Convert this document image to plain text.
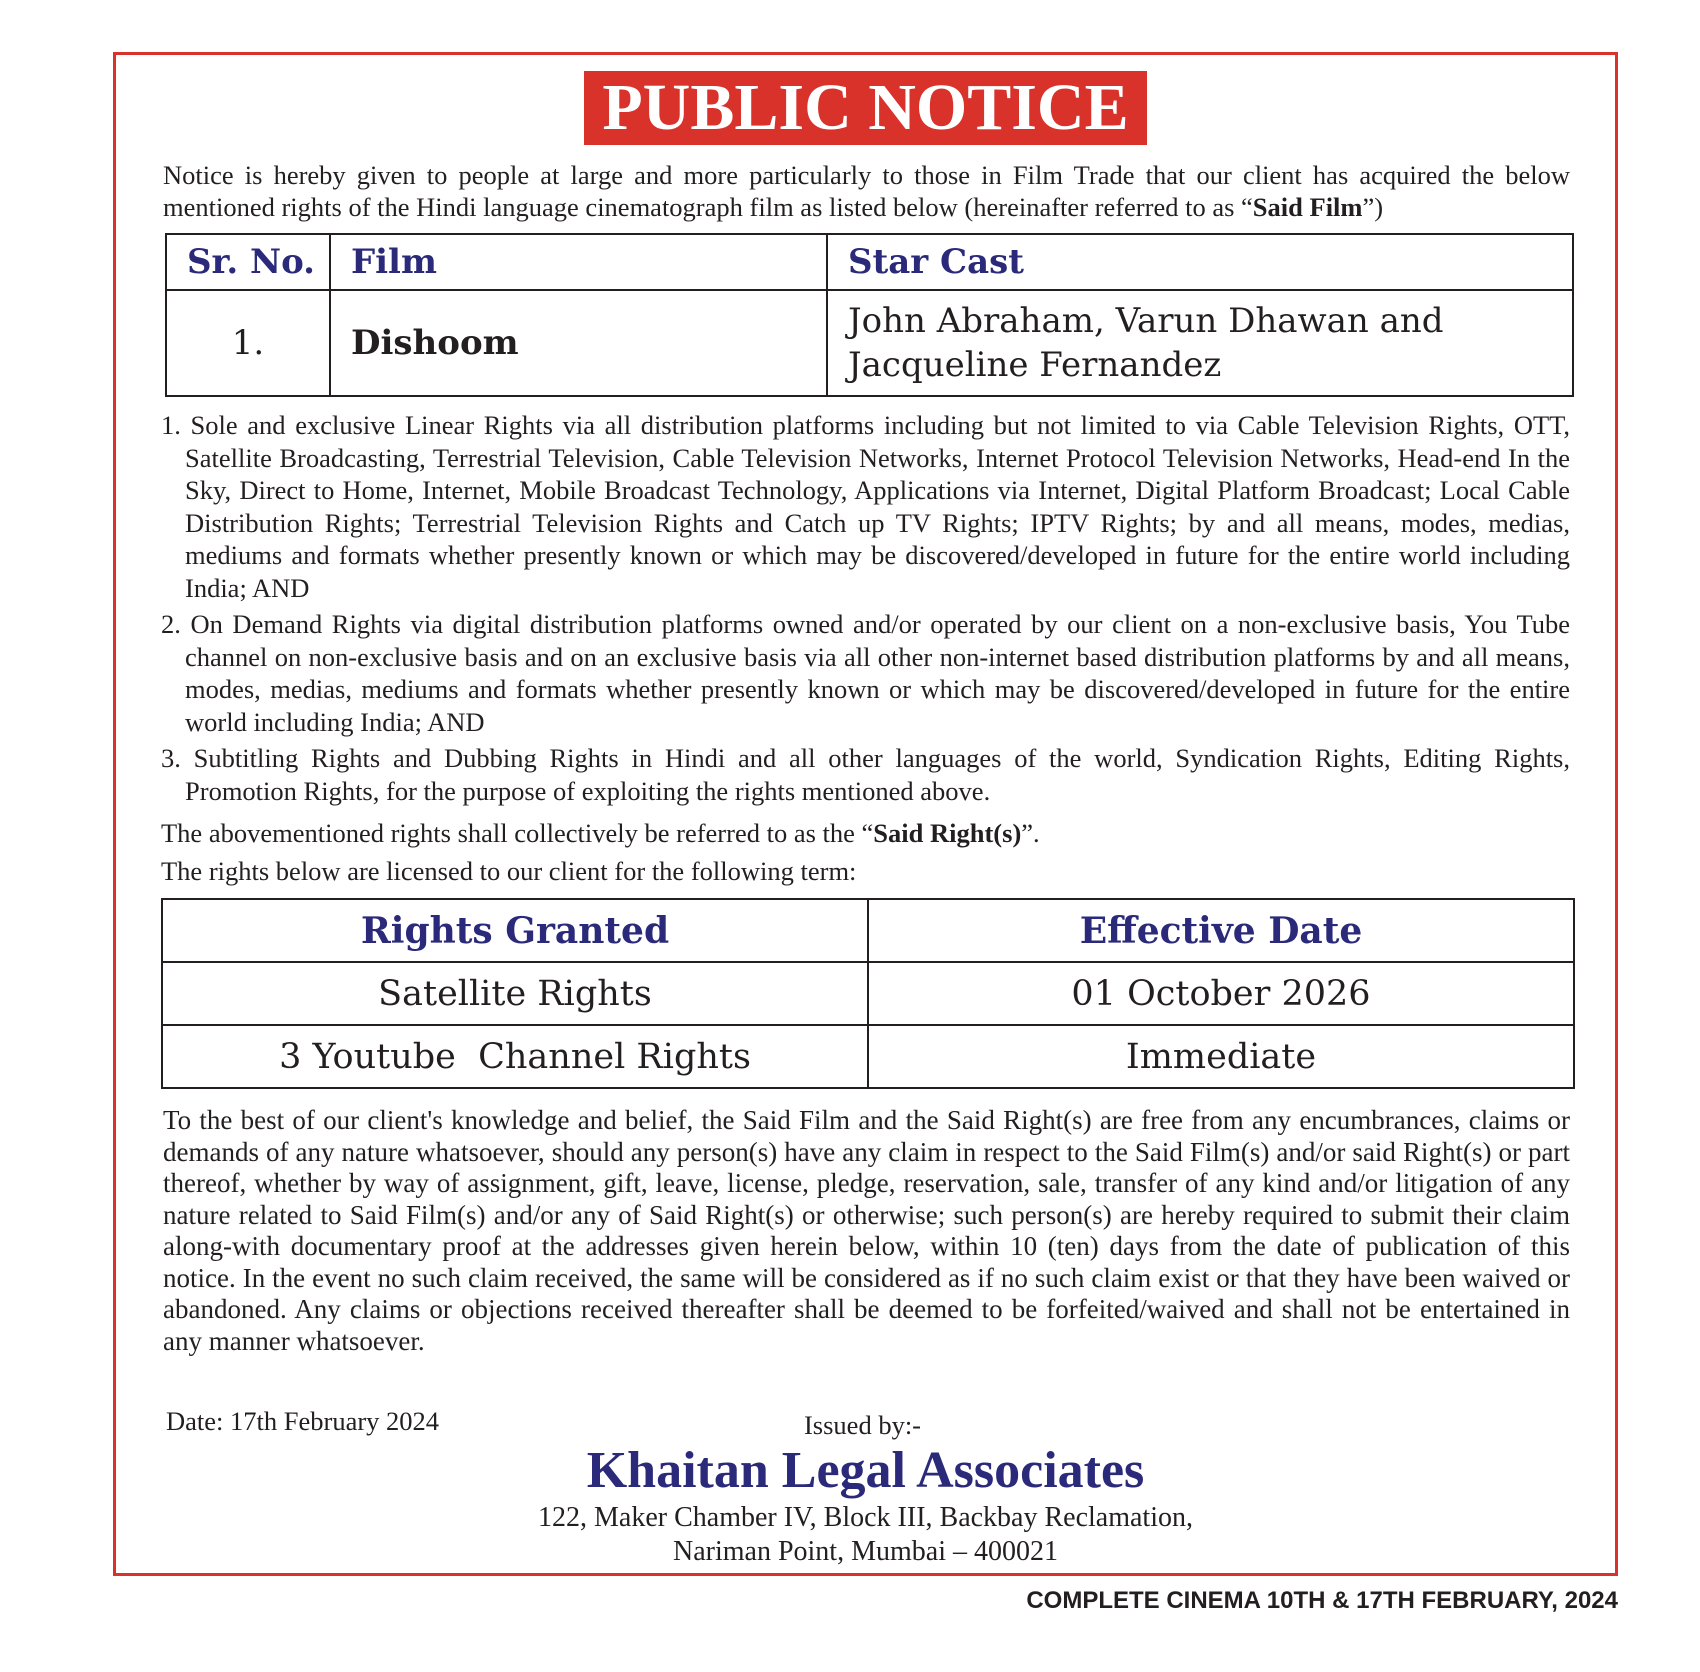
PUBLIC NOTICE
Notice is hereby given to people at large and more particularly to those in Film Trade that our client has acquired the below mentioned rights of the Hindi language cinematograph film as listed below (hereinafter referred to as “Said Film”)
Sr. No.	Film	Star Cast
1.	Dishoom	John Abraham, Varun Dhawan and
Jacqueline Fernandez
1. Sole and exclusive Linear Rights via all distribution platforms including but not limited to via Cable Television Rights, OTT, Satellite Broadcasting, Terrestrial Television, Cable Television Networks, Internet Protocol Television Networks, Head-end In the Sky, Direct to Home, Internet, Mobile Broadcast Technology, Applications via Internet, Digital Platform Broadcast; Local Cable Distribution Rights; Terrestrial Television Rights and Catch up TV Rights; IPTV Rights; by and all means, modes, medias, mediums and formats whether presently known or which may be discovered/developed in future for the entire world including India; AND
2. On Demand Rights via digital distribution platforms owned and/or operated by our client on a non-exclusive basis, You Tube channel on non-exclusive basis and on an exclusive basis via all other non-internet based distribution platforms by and all means, modes, medias, mediums and formats whether presently known or which may be discovered/developed in future for the entire world including India; AND
3. Subtitling Rights and Dubbing Rights in Hindi and all other languages of the world, Syndication Rights, Editing Rights, Promotion Rights, for the purpose of exploiting the rights mentioned above.
The abovementioned rights shall collectively be referred to as the “Said Right(s)”.
The rights below are licensed to our client for the following term:
Rights Granted	Effective Date
Satellite Rights	01 October 2026
3 Youtube  Channel Rights	Immediate
To the best of our client's knowledge and belief, the Said Film and the Said Right(s) are free from any encumbrances, claims or demands of any nature whatsoever, should any person(s) have any claim in respect to the Said Film(s) and/or said Right(s) or part thereof, whether by way of assignment, gift, leave, license, pledge, reservation, sale, transfer of any kind and/or litigation of any nature related to Said Film(s) and/or any of Said Right(s) or otherwise; such person(s) are hereby required to submit their claim along-with documentary proof at the addresses given herein below, within 10 (ten) days from the date of publication of this notice. In the event no such claim received, the same will be considered as if no such claim exist or that they have been waived or abandoned. Any claims or objections received thereafter shall be deemed to be forfeited/waived and shall not be entertained in any manner whatsoever.
Date: 17th February 2024	Issued by:-
Khaitan Legal Associates
122, Maker Chamber IV, Block III, Backbay Reclamation,
Nariman Point, Mumbai – 400021
COMPLETE CINEMA 10TH & 17TH FEBRUARY, 2024
